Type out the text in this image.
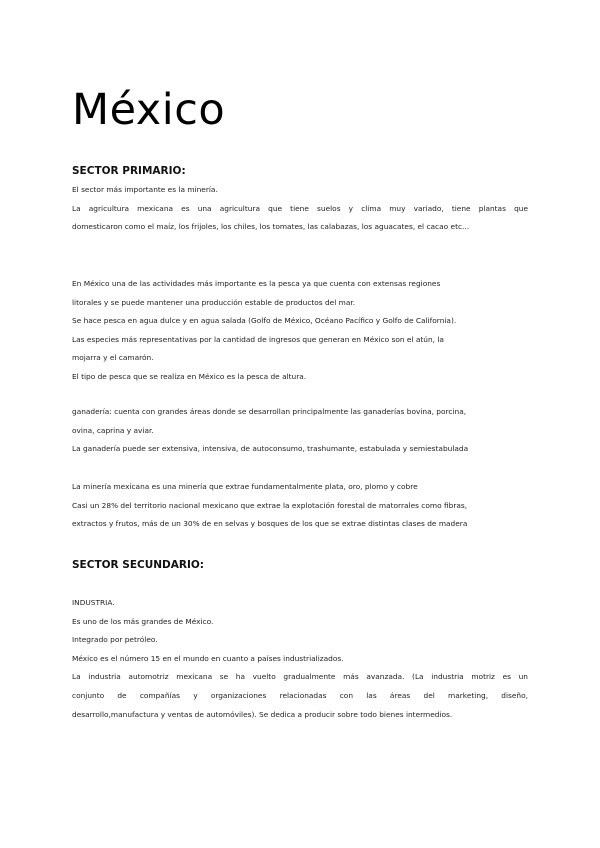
México
SECTOR PRIMARIO:
El sector más importante es la minería.
La agricultura mexicana es una agricultura que tiene suelos y clima muy variado, tiene plantas que
domesticaron como el maíz, los frijoles, los chiles, los tomates, las calabazas, los aguacates, el cacao etc...
En México una de las actividades más importante es la pesca ya que cuenta con extensas regiones
litorales y se puede mantener una producción estable de productos del mar.
Se hace pesca en agua dulce y en agua salada (Golfo de México, Océano Pacífico y Golfo de California).
Las especies más representativas por la cantidad de ingresos que generan en México son el atún, la
mojarra y el camarón.
El tipo de pesca que se realiza en México es la pesca de altura.
ganadería: cuenta con grandes áreas donde se desarrollan principalmente las ganaderías bovina, porcina,
ovina, caprina y aviar.
La ganadería puede ser extensiva, intensiva, de autoconsumo, trashumante, estabulada y semiestabulada
La minería mexicana es una minería que extrae fundamentalmente plata, oro, plomo y cobre
Casi un 28% del territorio nacional mexicano que extrae la explotación forestal de matorrales como fibras,
extractos y frutos, más de un 30% de en selvas y bosques de los que se extrae distintas clases de madera
SECTOR SECUNDARIO:
INDUSTRIA.
Es uno de los más grandes de México.
Integrado por petróleo.
México es el número 15 en el mundo en cuanto a países industrializados.
La industria automotriz mexicana se ha vuelto gradualmente más avanzada. (La industria motriz es un
conjunto de compañías y organizaciones relacionadas con las áreas del marketing, diseño,
desarrollo,manufactura y ventas de automóviles). Se dedica a producir sobre todo bienes intermedios.
